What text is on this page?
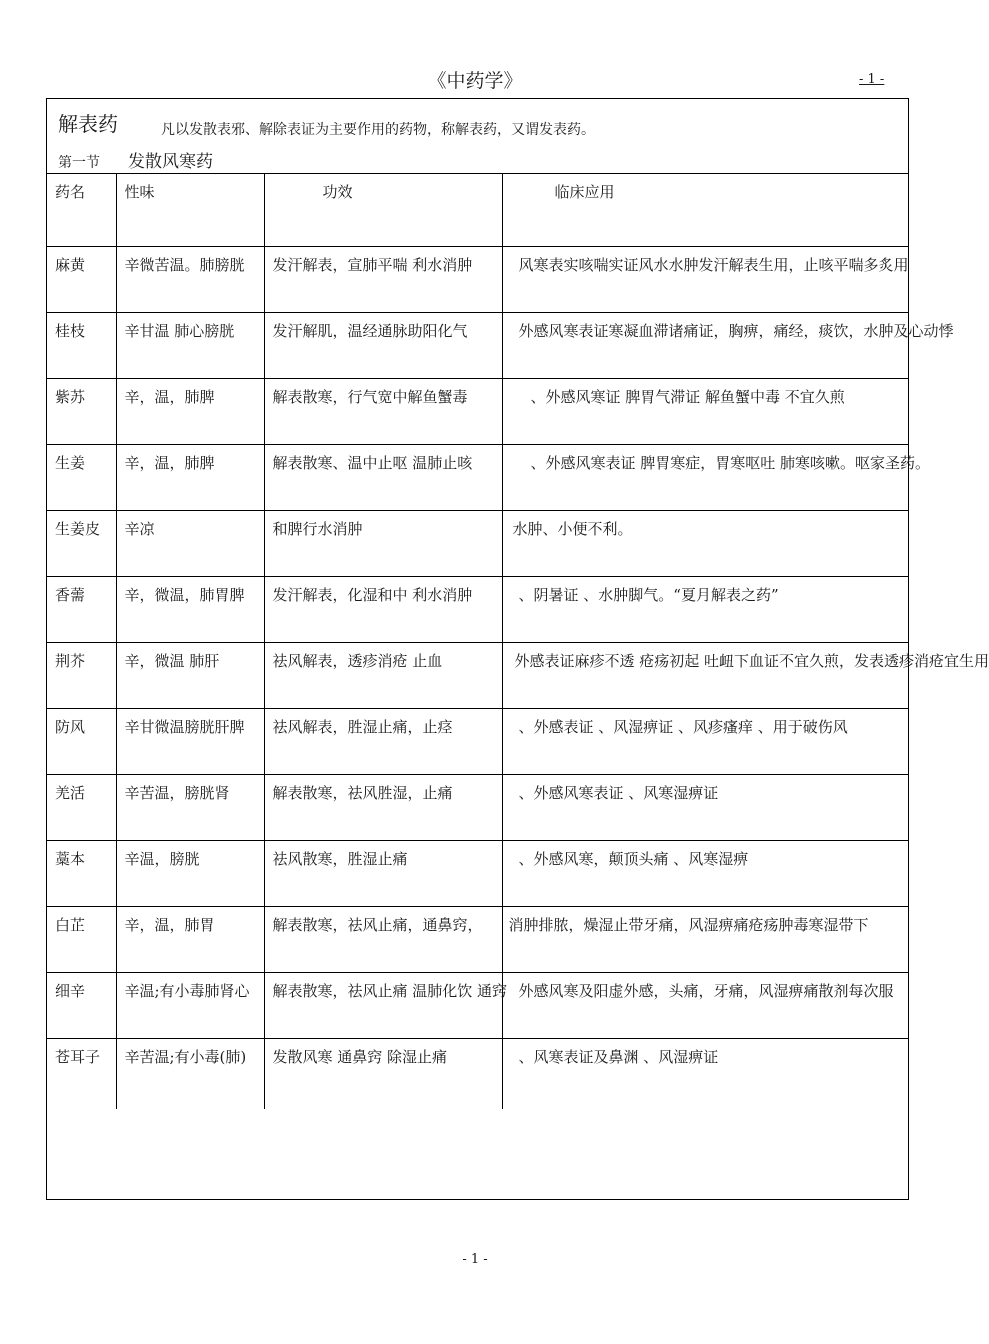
《中药学》	- 1 -
解表药	凡以发散表邪、解除表证为主要作用的药物，称解表药，又谓发表药。
第一节 发散风寒药
药名	性味	功效	临床应用
麻黄	辛微苦温。肺膀胱	发汗解表，宣肺平喘 利水消肿	风寒表实咳喘实证风水水肿发汗解表生用，止咳平喘多炙用
桂枝	辛甘温 肺心膀胱	发汗解肌，温经通脉助阳化气	外感风寒表证寒凝血滞诸痛证，胸痹，痛经，痰饮，水肿及心动悸
紫苏	辛，温，肺脾	解表散寒，行气宽中解鱼蟹毒	、外感风寒证 脾胃气滞证 解鱼蟹中毒 不宜久煎
生姜	辛，温，肺脾	解表散寒、温中止呕 温肺止咳	、外感风寒表证 脾胃寒症，胃寒呕吐 肺寒咳嗽。呕家圣药。
生姜皮	辛凉	和脾行水消肿	水肿、小便不利。
香薷	辛，微温，肺胃脾	发汗解表，化湿和中 利水消肿	、阴暑证 、水肿脚气。“夏月解表之药”
荆芥	辛，微温 肺肝	祛风解表，透疹消疮 止血	外感表证麻疹不透 疮疡初起 吐衄下血证不宜久煎，发表透疹消疮宜生用
防风	辛甘微温膀胱肝脾	祛风解表，胜湿止痛，止痉	、外感表证 、风湿痹证 、风疹瘙痒 、用于破伤风
羌活	辛苦温，膀胱肾	解表散寒，祛风胜湿，止痛	、外感风寒表证 、风寒湿痹证
藁本	辛温，膀胱	祛风散寒，胜湿止痛	、外感风寒，颠顶头痛 、风寒湿痹
白芷	辛，温，肺胃	解表散寒，祛风止痛，通鼻窍，	消肿排脓，燥湿止带牙痛，风湿痹痛疮疡肿毒寒湿带下
细辛	辛温;有小毒肺肾心	解表散寒，祛风止痛 温肺化饮 通窍	外感风寒及阳虚外感，头痛，牙痛，风湿痹痛散剂每次服
苍耳子	辛苦温;有小毒(肺)	发散风寒 通鼻窍 除湿止痛	、风寒表证及鼻渊 、风湿痹证
- 1 -
